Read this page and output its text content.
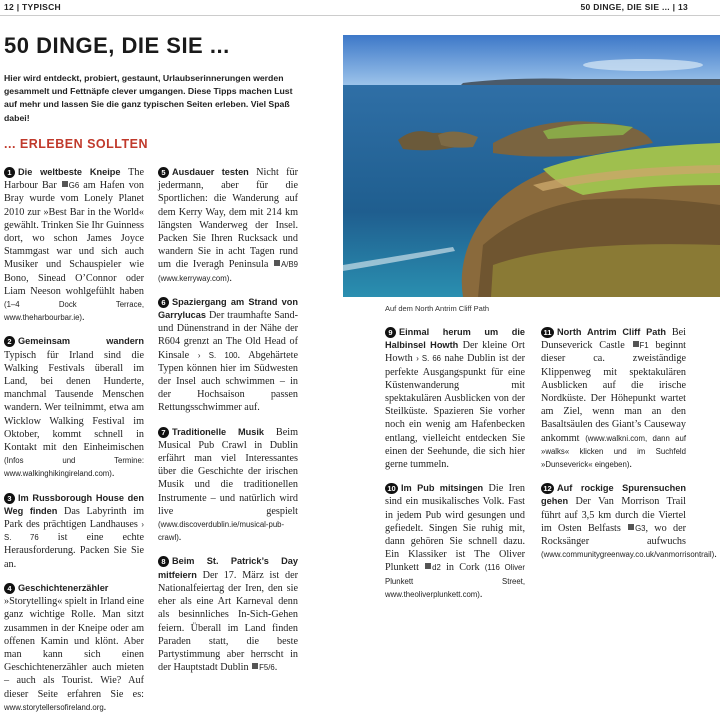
12 | TYPISCH	50 DINGE, DIE SIE ... | 13
50 DINGE, DIE SIE ...
Hier wird entdeckt, probiert, gestaunt, Urlaubserinnerungen werden gesammelt und Fettnäpfe clever umgangen. Diese Tipps machen Lust auf mehr und lassen Sie die ganz typischen Seiten erleben. Viel Spaß dabei!
... ERLEBEN SOLLTEN
Auf dem North Antrim Cliff Path
1 Die weltbeste Kneipe The Harbour Bar G6 am Hafen von Bray wurde vom Lonely Planet 2010 zur »Best Bar in the World« gewählt. Trinken Sie Ihr Guinness dort, wo schon James Joyce Stammgast war und sich auch Musiker und Schauspieler wie Bono, Sinead O’Connor oder Liam Neeson wohlgefühlt haben (1–4 Dock Terrace, www.theharbourbar.ie).
2 Gemeinsam wandern Typisch für Irland sind die Walking Festivals überall im Land, bei denen Hunderte, manchmal Tausende Menschen wandern. Wer teilnimmt, etwa am Wicklow Walking Festival im Oktober, kommt schnell in Kontakt mit den Einheimischen (Infos und Termine: www.walkinghikingireland.com).
3 Im Russborough House den Weg finden Das Labyrinth im Park des prächtigen Landhauses › S. 76 ist eine echte Herausforderung. Packen Sie Sie an.
4 Geschichtenerzähler »Storytelling« spielt in Irland eine ganz wichtige Rolle. Man sitzt zusammen in der Kneipe oder am offenen Kamin und klönt. Aber man kann sich einen Geschichtenerzähler auch mieten – auch als Tourist. Wie? Auf dieser Seite erfahren Sie es: www.storytellersofireland.org.
5 Ausdauer testen Nicht für jedermann, aber für die Sportlichen: die Wanderung auf dem Kerry Way, dem mit 214 km längsten Wanderweg der Insel. Packen Sie Ihren Rucksack und wandern Sie in acht Tagen rund um die Iveragh Peninsula A/B9 (www.kerryway.com).
6 Spaziergang am Strand von Garrylucas Der traumhafte Sand- und Dünenstrand in der Nähe der R604 grenzt an The Old Head of Kinsale › S. 100. Abgehärtete Typen können hier im Südwesten der Insel auch schwimmen – in der Hochsaison passen Rettungsschwimmer auf.
7 Traditionelle Musik Beim Musical Pub Crawl in Dublin erfährt man viel Interessantes über die Geschichte der irischen Musik und die traditionellen Instrumente – und natürlich wird live gespielt (www.discoverdublin.ie/musical-pub-crawl).
8 Beim St. Patrick’s Day mitfeiern Der 17. März ist der Nationalfeiertag der Iren, den sie eher als eine Art Karneval denn als besinnliches In-Sich-Gehen feiern. Überall im Land finden Paraden statt, die beste Partystimmung aber herrscht in der Hauptstadt Dublin F5/6.
9 Einmal herum um die Halbinsel Howth Der kleine Ort Howth › S. 66 nahe Dublin ist der perfekte Ausgangspunkt für eine Küstenwanderung mit spektakulären Ausblicken von der Steilküste. Spazieren Sie vorher noch ein wenig am Hafenbecken entlang, vielleicht entdecken Sie einen der Seehunde, die sich hier gerne tummeln.
10 Im Pub mitsingen Die Iren sind ein musikalisches Volk. Fast in jedem Pub wird gesungen und gefiedelt. Singen Sie ruhig mit, dann gehören Sie schnell dazu. Ein Klassiker ist The Oliver Plunkett d2 in Cork (116 Oliver Plunkett Street, www.theoliverplunkett.com).
11 North Antrim Cliff Path Bei Dunseverick Castle F1 beginnt dieser ca. zweiständige Klippenweg mit spektakulären Ausblicken auf die irische Nordküste. Der Höhepunkt wartet am Ziel, wenn man an den Basaltsäulen des Giant’s Causeway ankommt (www.walkni.com, dann auf »walks« klicken und im Suchfeld »Dunseverick« eingeben).
12 Auf rockige Spurensuchen gehen Der Van Morrison Trail führt auf 3,5 km durch die Viertel im Osten Belfasts G3, wo der Rocksänger aufwuchs (www.communitygreenway.co.uk/vanmorrisontrail).
